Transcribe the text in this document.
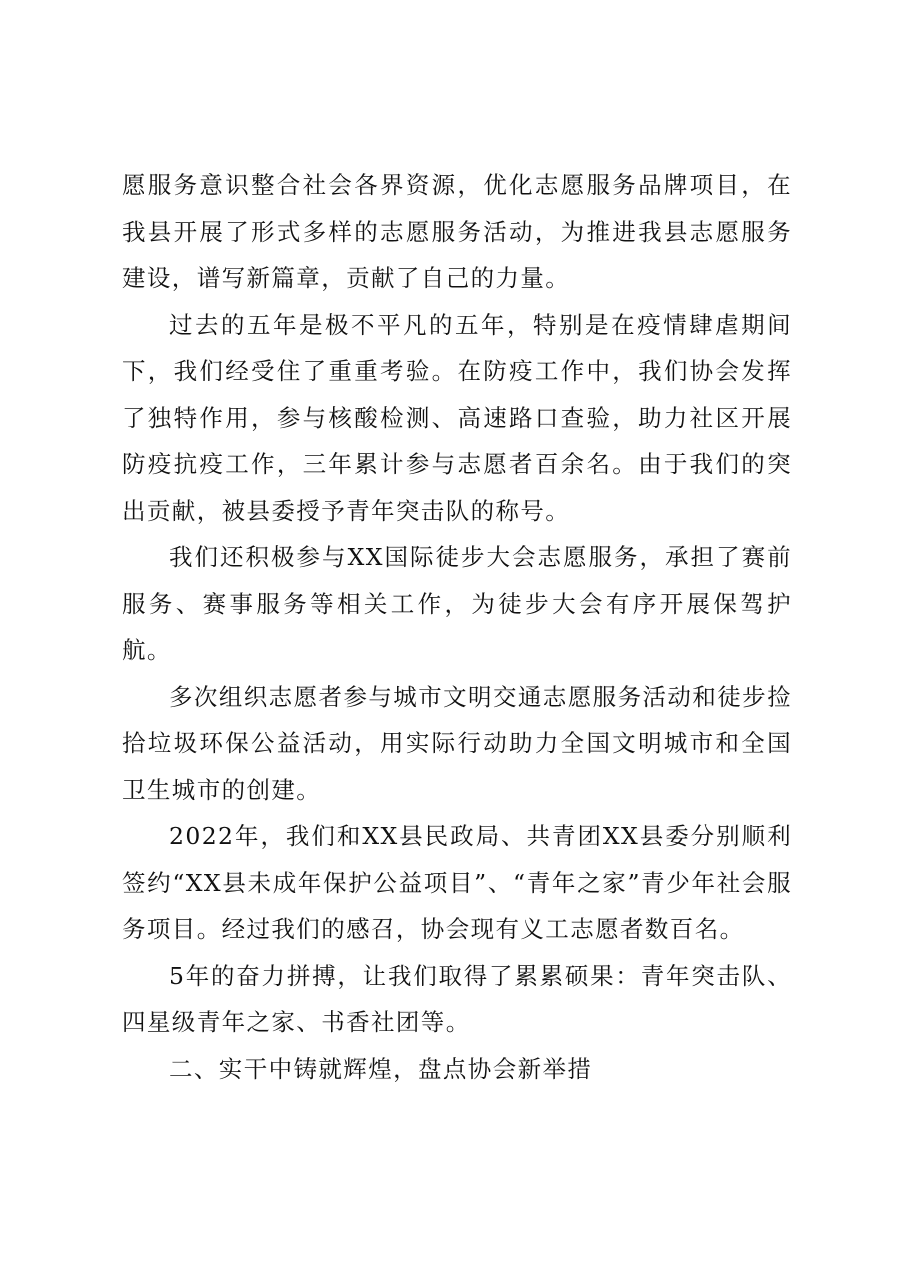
愿服务意识整合社会各界资源，优化志愿服务品牌项目，在我县开展了形式多样的志愿服务活动，为推进我县志愿服务建设，谱写新篇章，贡献了自己的力量。

过去的五年是极不平凡的五年，特别是在疫情肆虐期间下，我们经受住了重重考验。在防疫工作中，我们协会发挥了独特作用，参与核酸检测、高速路口查验，助力社区开展防疫抗疫工作，三年累计参与志愿者百余名。由于我们的突出贡献，被县委授予青年突击队的称号。

我们还积极参与XX国际徒步大会志愿服务，承担了赛前服务、赛事服务等相关工作，为徒步大会有序开展保驾护航。

多次组织志愿者参与城市文明交通志愿服务活动和徒步捡拾垃圾环保公益活动，用实际行动助力全国文明城市和全国卫生城市的创建。

2022年，我们和XX县民政局、共青团XX县委分别顺利签约“XX县未成年保护公益项目”、“青年之家”青少年社会服务项目。经过我们的感召，协会现有义工志愿者数百名。

5年的奋力拼搏，让我们取得了累累硕果：青年突击队、四星级青年之家、书香社团等。

二、实干中铸就辉煌，盘点协会新举措
